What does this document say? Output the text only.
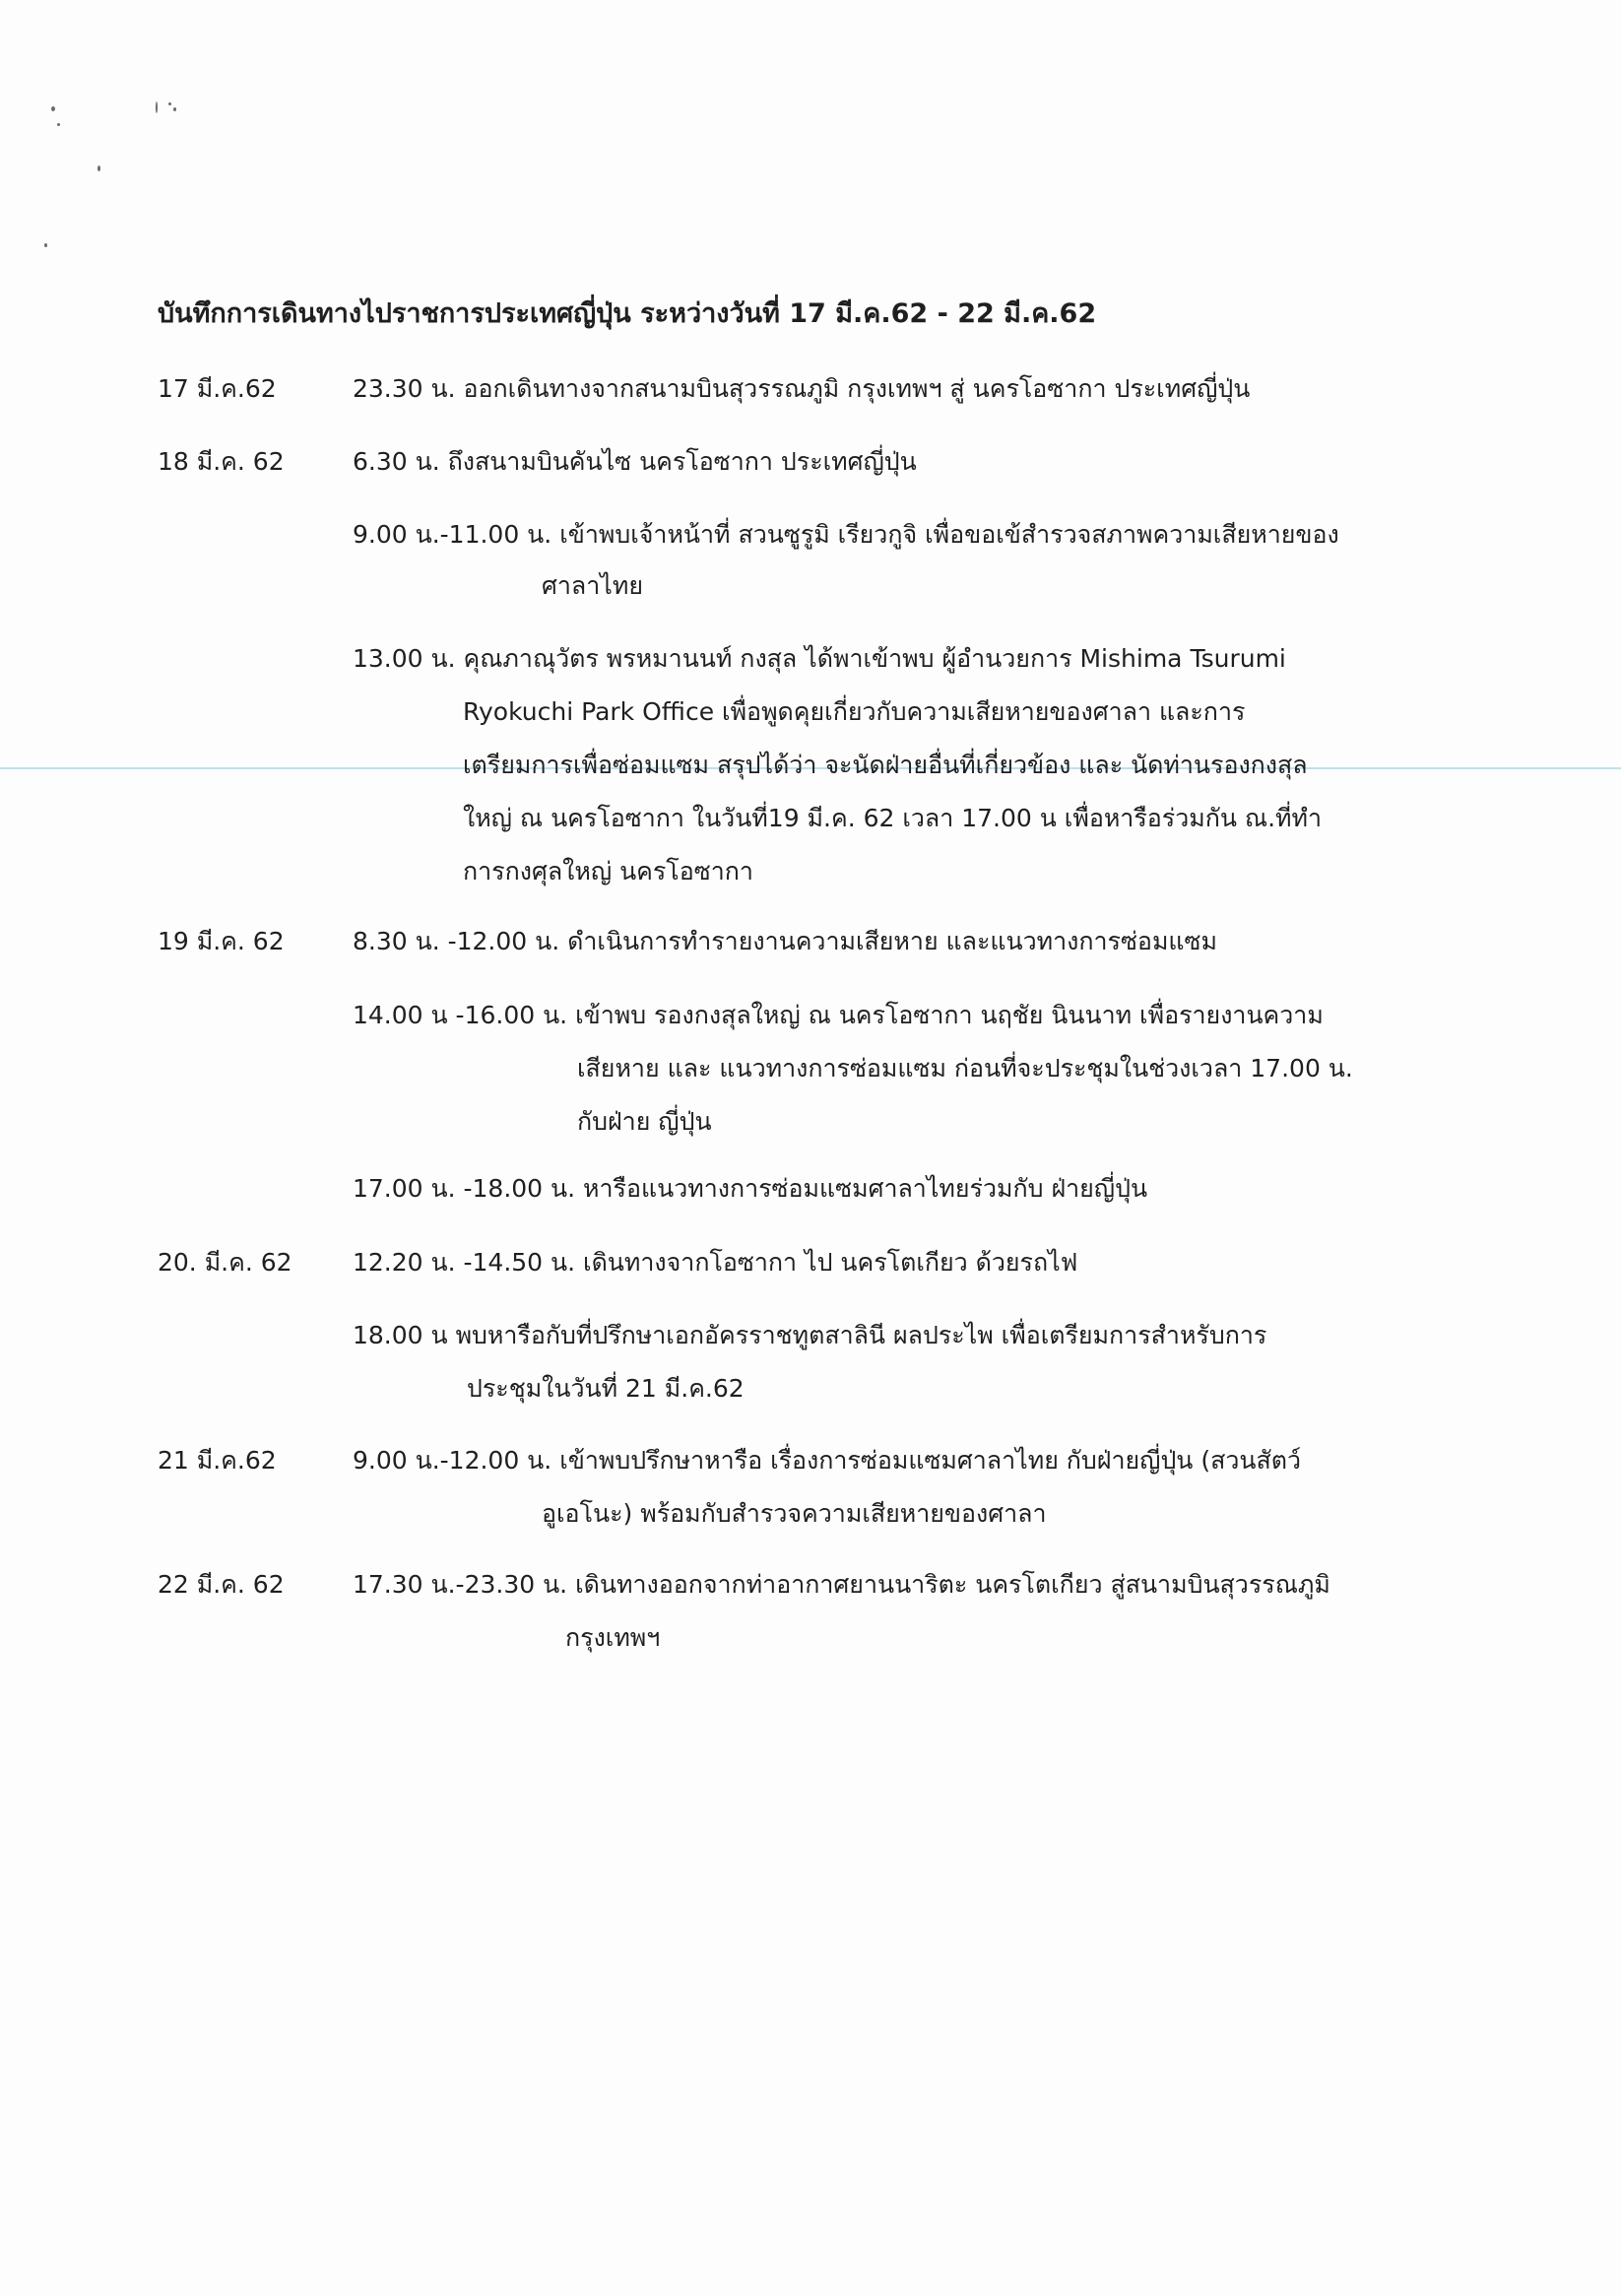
บันทึกการเดินทางไปราชการประเทศญี่ปุ่น ระหว่างวันที่ 17 มี.ค.62 - 22 มี.ค.62
17 มี.ค.62	23.30 น. ออกเดินทางจากสนามบินสุวรรณภูมิ กรุงเทพฯ สู่ นครโอซากา ประเทศญี่ปุ่น
18 มี.ค. 62	6.30 น. ถึงสนามบินคันไซ นครโอซากา ประเทศญี่ปุ่น
9.00 น.-11.00 น. เข้าพบเจ้าหน้าที่ สวนซูรูมิ เรียวกูจิ เพื่อขอเข้สำรวจสภาพความเสียหายของ
ศาลาไทย
13.00 น. คุณภาณุวัตร พรหมานนท์ กงสุล ได้พาเข้าพบ ผู้อำนวยการ Mishima Tsurumi
Ryokuchi Park Office เพื่อพูดคุยเกี่ยวกับความเสียหายของศาลา และการ
เตรียมการเพื่อซ่อมแซม สรุปได้ว่า จะนัดฝ่ายอื่นที่เกี่ยวข้อง และ นัดท่านรองกงสุล
ใหญ่ ณ นครโอซากา ในวันที่19 มี.ค. 62 เวลา 17.00 น เพื่อหารือร่วมกัน ณ.ที่ทำ
การกงศุลใหญ่ นครโอซากา
19 มี.ค. 62	8.30 น. -12.00 น. ดำเนินการทำรายงานความเสียหาย และแนวทางการซ่อมแซม
14.00 น -16.00 น. เข้าพบ รองกงสุลใหญ่ ณ นครโอซากา นฤชัย นินนาท เพื่อรายงานความ
เสียหาย และ แนวทางการซ่อมแซม ก่อนที่จะประชุมในช่วงเวลา 17.00 น.
กับฝ่าย ญี่ปุ่น
17.00 น. -18.00 น. หารือแนวทางการซ่อมแซมศาลาไทยร่วมกับ ฝ่ายญี่ปุ่น
20. มี.ค. 62 12.20 น. -14.50 น. เดินทางจากโอซากา ไป นครโตเกียว ด้วยรถไฟ
18.00 น พบหารือกับที่ปรึกษาเอกอัครราชทูตสาลินี ผลประไพ เพื่อเตรียมการสำหรับการ
ประชุมในวันที่ 21 มี.ค.62
21 มี.ค.62	9.00 น.-12.00 น. เข้าพบปรึกษาหารือ เรื่องการซ่อมแซมศาลาไทย กับฝ่ายญี่ปุ่น (สวนสัตว์
อูเอโนะ) พร้อมกับสำรวจความเสียหายของศาลา
22 มี.ค. 62	17.30 น.-23.30 น. เดินทางออกจากท่าอากาศยานนาริตะ นครโตเกียว สู่สนามบินสุวรรณภูมิ
กรุงเทพฯ
